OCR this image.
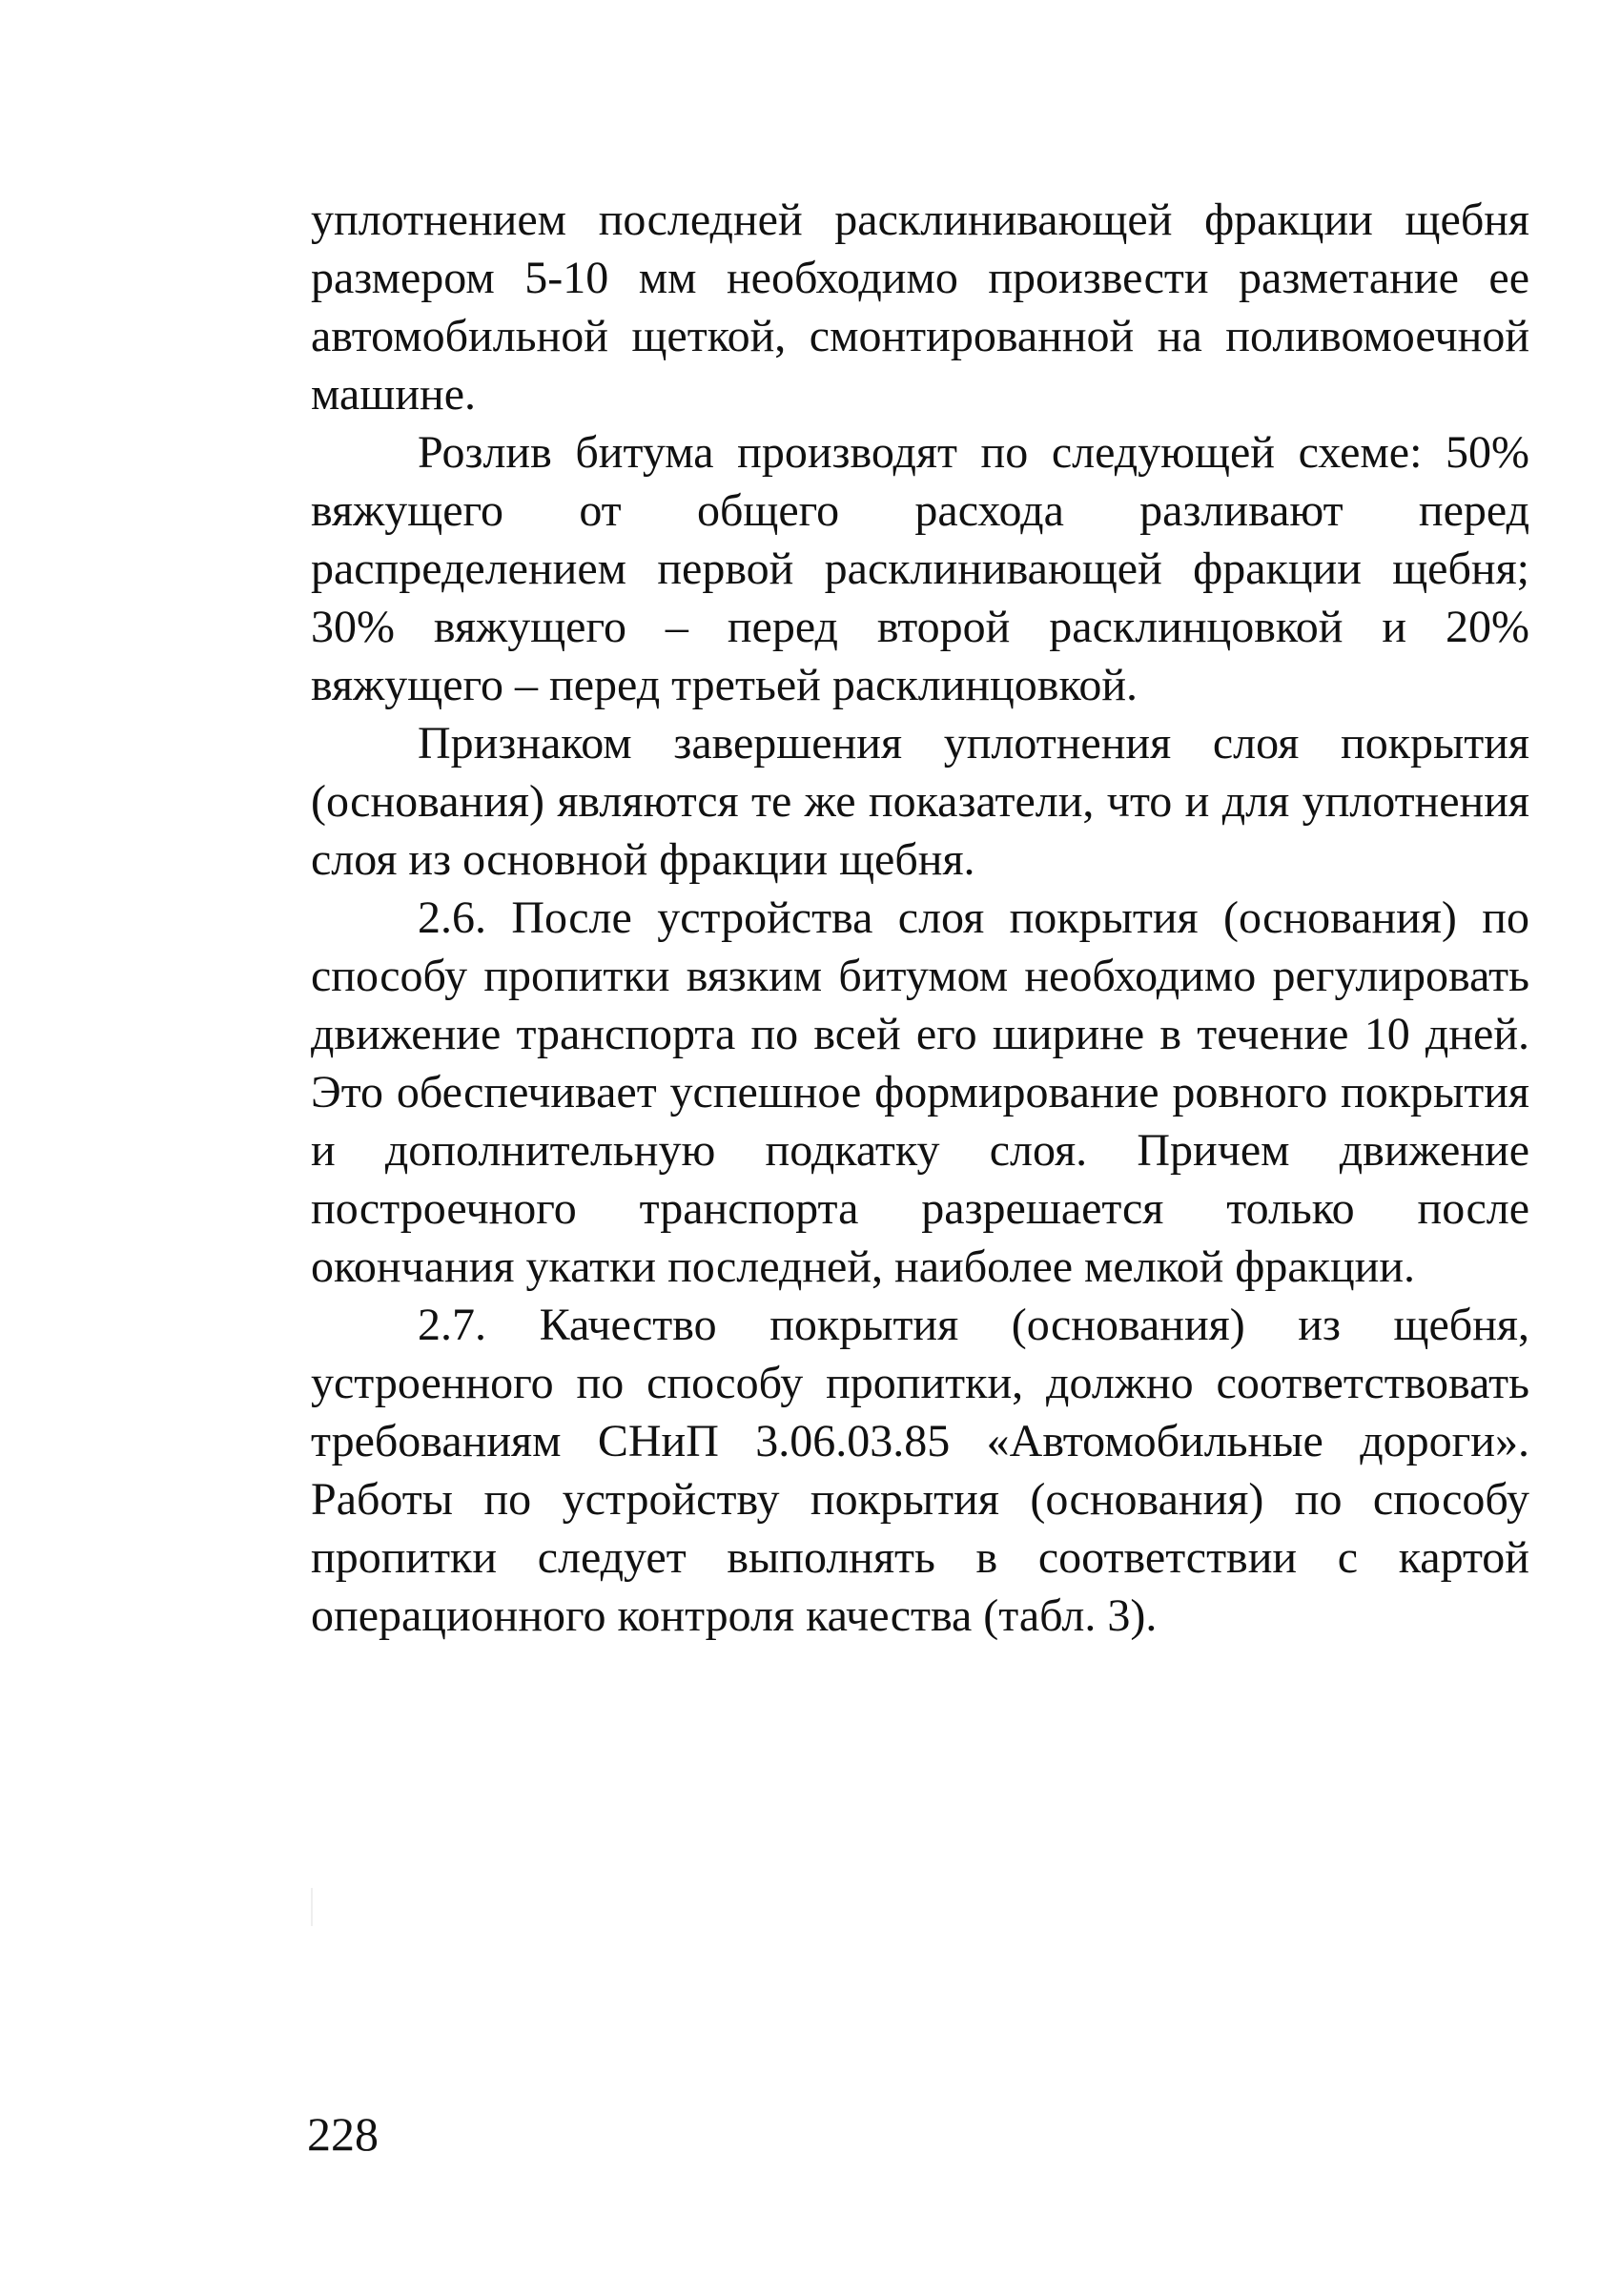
уплотнением последней расклинивающей фракции щебня размером 5-10 мм необходимо произвести разметание ее автомобильной щеткой, смонтированной на поливомоечной машине.

Розлив битума производят по следующей схеме: 50% вяжущего от общего расхода разливают перед распределением первой расклинивающей фракции щебня; 30% вяжущего – перед второй расклинцовкой и 20% вяжущего – перед третьей расклинцовкой.

Признаком завершения уплотнения слоя покрытия (основания) являются те же показатели, что и для уплотнения слоя из основной фракции щебня.

2.6. После устройства слоя покрытия (основания) по способу пропитки вязким битумом необходимо регулировать движение транспорта по всей его ширине в течение 10 дней. Это обеспечивает успешное формирование ровного покрытия и дополнительную подкатку слоя. Причем движение построечного транспорта разрешается только после окончания укатки последней, наиболее мелкой фракции.

2.7. Качество покрытия (основания) из щебня, устроенного по способу пропитки, должно соответствовать требованиям СНиП 3.06.03.85 «Автомобильные дороги». Работы по устройству покрытия (основания) по способу пропитки следует выполнять в соответствии с картой операционного контроля качества (табл. 3).

228
